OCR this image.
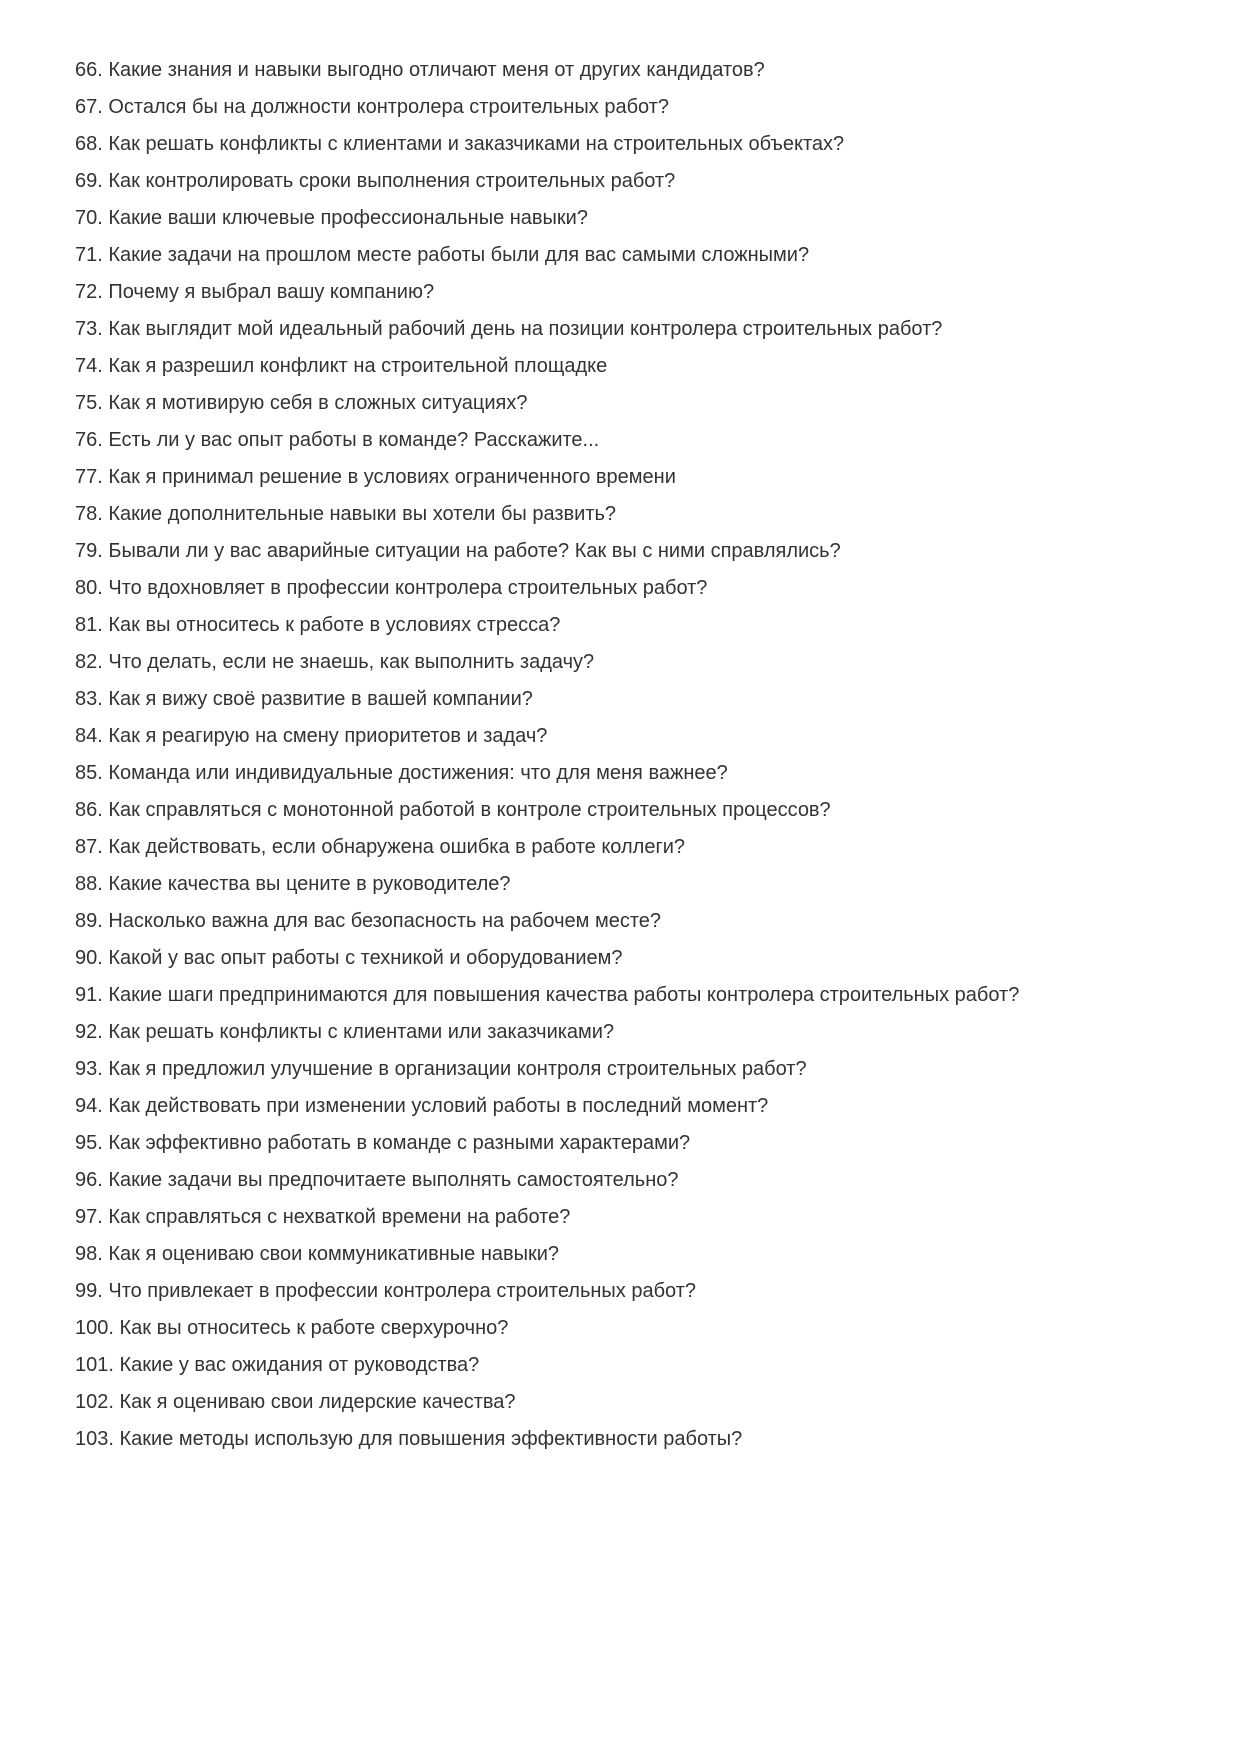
66. Какие знания и навыки выгодно отличают меня от других кандидатов?
67. Остался бы на должности контролера строительных работ?
68. Как решать конфликты с клиентами и заказчиками на строительных объектах?
69. Как контролировать сроки выполнения строительных работ?
70. Какие ваши ключевые профессиональные навыки?
71. Какие задачи на прошлом месте работы были для вас самыми сложными?
72. Почему я выбрал вашу компанию?
73. Как выглядит мой идеальный рабочий день на позиции контролера строительных работ?
74. Как я разрешил конфликт на строительной площадке
75. Как я мотивирую себя в сложных ситуациях?
76. Есть ли у вас опыт работы в команде? Расскажите...
77. Как я принимал решение в условиях ограниченного времени
78. Какие дополнительные навыки вы хотели бы развить?
79. Бывали ли у вас аварийные ситуации на работе? Как вы с ними справлялись?
80. Что вдохновляет в профессии контролера строительных работ?
81. Как вы относитесь к работе в условиях стресса?
82. Что делать, если не знаешь, как выполнить задачу?
83. Как я вижу своё развитие в вашей компании?
84. Как я реагирую на смену приоритетов и задач?
85. Команда или индивидуальные достижения: что для меня важнее?
86. Как справляться с монотонной работой в контроле строительных процессов?
87. Как действовать, если обнаружена ошибка в работе коллеги?
88. Какие качества вы цените в руководителе?
89. Насколько важна для вас безопасность на рабочем месте?
90. Какой у вас опыт работы с техникой и оборудованием?
91. Какие шаги предпринимаются для повышения качества работы контролера строительных работ?
92. Как решать конфликты с клиентами или заказчиками?
93. Как я предложил улучшение в организации контроля строительных работ?
94. Как действовать при изменении условий работы в последний момент?
95. Как эффективно работать в команде с разными характерами?
96. Какие задачи вы предпочитаете выполнять самостоятельно?
97. Как справляться с нехваткой времени на работе?
98. Как я оцениваю свои коммуникативные навыки?
99. Что привлекает в профессии контролера строительных работ?
100. Как вы относитесь к работе сверхурочно?
101. Какие у вас ожидания от руководства?
102. Как я оцениваю свои лидерские качества?
103. Какие методы использую для повышения эффективности работы?
